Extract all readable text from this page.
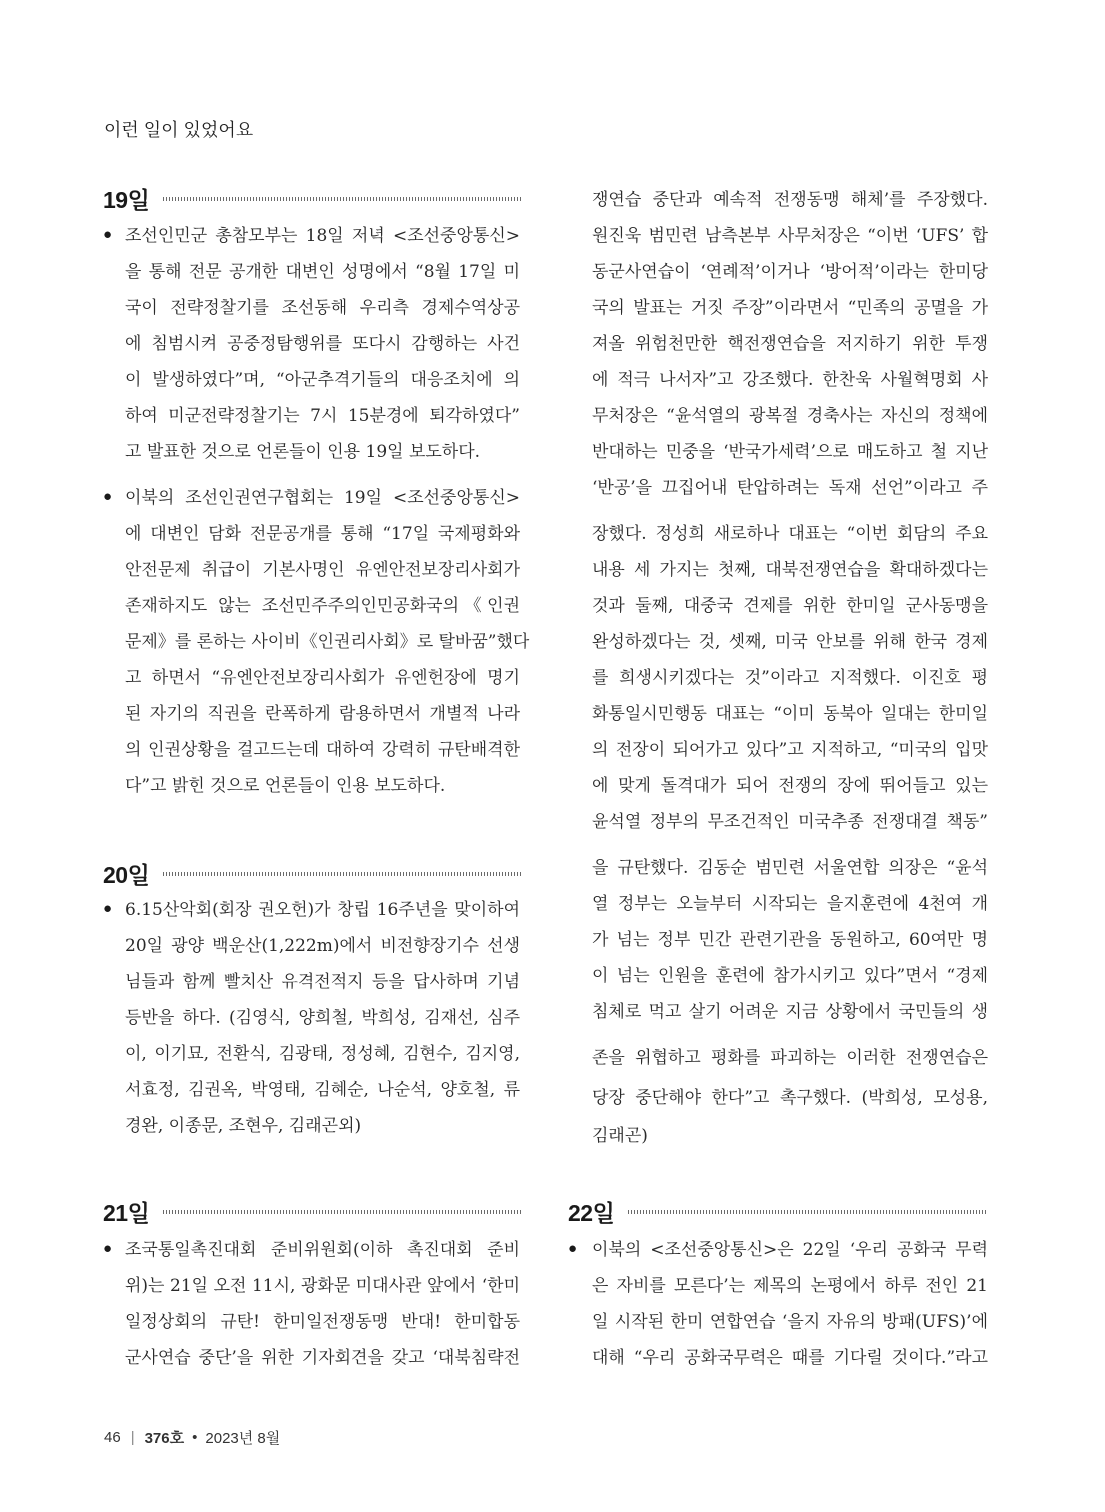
이런 일이 있었어요
19일
● 조선인민군 총참모부는 18일 저녁 <조선중앙통신>
을 통해 전문 공개한 대변인 성명에서 “8월 17일 미
국이 전략정찰기를 조선동해 우리측 경제수역상공
에 침범시켜 공중정탐행위를 또다시 감행하는 사건
이 발생하였다”며, “아군추격기들의 대응조치에 의
하여 미군전략정찰기는 7시 15분경에 퇴각하였다”
고 발표한 것으로 언론들이 인용 19일 보도하다.
● 이북의 조선인권연구협회는 19일 <조선중앙통신>
에 대변인 담화 전문공개를 통해 “17일 국제평화와
안전문제 취급이 기본사명인 유엔안전보장리사회가
존재하지도 않는 조선민주주의인민공화국의《인권
문제》를 론하는 사이비《인권리사회》로 탈바꿈”했다
고 하면서 “유엔안전보장리사회가 유엔헌장에 명기
된 자기의 직권을 란폭하게 람용하면서 개별적 나라
의 인권상황을 걸고드는데 대하여 강력히 규탄배격한
다”고 밝힌 것으로 언론들이 인용 보도하다.
20일
● 6.15산악회(회장 권오헌)가 창립 16주년을 맞이하여
20일 광양 백운산(1,222m)에서 비전향장기수 선생
님들과 함께 빨치산 유격전적지 등을 답사하며 기념
등반을 하다. (김영식, 양희철, 박희성, 김재선, 심주
이, 이기묘, 전환식, 김광태, 정성혜, 김현수, 김지영,
서효정, 김권옥, 박영태, 김혜순, 나순석, 양호철, 류
경완, 이종문, 조현우, 김래곤외)
21일
● 조국통일촉진대회 준비위원회(이하 촉진대회 준비
위)는 21일 오전 11시, 광화문 미대사관 앞에서 ‘한미
일정상회의 규탄! 한미일전쟁동맹 반대! 한미합동
군사연습 중단’을 위한 기자회견을 갖고 ‘대북침략전
쟁연습 중단과 예속적 전쟁동맹 해체’를 주장했다.
원진욱 범민련 남측본부 사무처장은 “이번 ‘UFS’ 합
동군사연습이 ‘연례적’이거나 ‘방어적’이라는 한미당
국의 발표는 거짓 주장”이라면서 “민족의 공멸을 가
져올 위험천만한 핵전쟁연습을 저지하기 위한 투쟁
에 적극 나서자”고 강조했다. 한찬욱 사월혁명회 사
무처장은 “윤석열의 광복절 경축사는 자신의 정책에
반대하는 민중을 ‘반국가세력’으로 매도하고 철 지난
‘반공’을 끄집어내 탄압하려는 독재 선언”이라고 주
장했다. 정성희 새로하나 대표는 “이번 회담의 주요
내용 세 가지는 첫째, 대북전쟁연습을 확대하겠다는
것과 둘째, 대중국 견제를 위한 한미일 군사동맹을
완성하겠다는 것, 셋째, 미국 안보를 위해 한국 경제
를 희생시키겠다는 것”이라고 지적했다. 이진호 평
화통일시민행동 대표는 “이미 동북아 일대는 한미일
의 전장이 되어가고 있다”고 지적하고, “미국의 입맛
에 맞게 돌격대가 되어 전쟁의 장에 뛰어들고 있는
윤석열 정부의 무조건적인 미국추종 전쟁대결 책동”
을 규탄했다. 김동순 범민련 서울연합 의장은 “윤석
열 정부는 오늘부터 시작되는 을지훈련에 4천여 개
가 넘는 정부 민간 관련기관을 동원하고, 60여만 명
이 넘는 인원을 훈련에 참가시키고 있다”면서 “경제
침체로 먹고 살기 어려운 지금 상황에서 국민들의 생
존을 위협하고 평화를 파괴하는 이러한 전쟁연습은
당장 중단해야 한다”고 촉구했다. (박희성, 모성용,
김래곤)
22일
● 이북의 <조선중앙통신>은 22일 ‘우리 공화국 무력
은 자비를 모른다’는 제목의 논평에서 하루 전인 21
일 시작된 한미 연합연습 ‘을지 자유의 방패(UFS)’에
대해 “우리 공화국무력은 때를 기다릴 것이다.”라고
46 | 376호 • 2023년 8월
